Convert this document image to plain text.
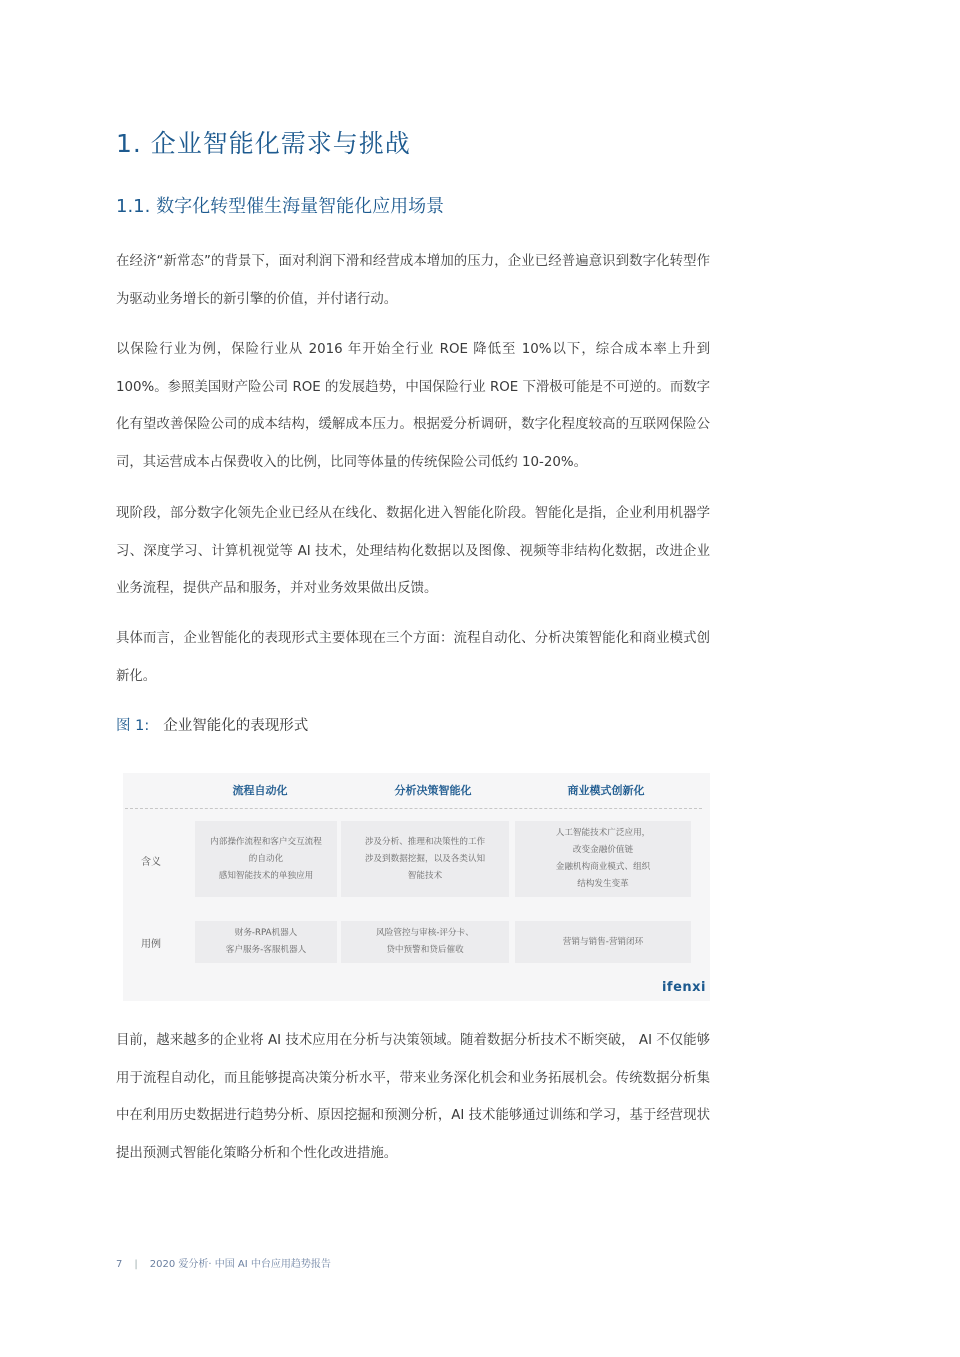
1. 企业智能化需求与挑战
1.1. 数字化转型催生海量智能化应用场景

在经济“新常态”的背景下，面对利润下滑和经营成本增加的压力，企业已经普遍意识到数字化转型作为驱动业务增长的新引擎的价值，并付诸行动。

以保险行业为例，保险行业从 2016 年开始全行业 ROE 降低至 10%以下，综合成本率上升到 100%。参照美国财产险公司 ROE 的发展趋势，中国保险行业 ROE 下滑极可能是不可逆的。而数字化有望改善保险公司的成本结构，缓解成本压力。根据爱分析调研，数字化程度较高的互联网保险公司，其运营成本占保费收入的比例，比同等体量的传统保险公司低约 10-20%。

现阶段，部分数字化领先企业已经从在线化、数据化进入智能化阶段。智能化是指，企业利用机器学习、深度学习、计算机视觉等 AI 技术，处理结构化数据以及图像、视频等非结构化数据，改进企业业务流程，提供产品和服务，并对业务效果做出反馈。

具体而言，企业智能化的表现形式主要体现在三个方面：流程自动化、分析决策智能化和商业模式创新化。

图 1: 企业智能化的表现形式

流程自动化	分析决策智能化	商业模式创新化
含义
用例
内部操作流程和客户交互流程
的自动化
感知智能技术的单独应用
涉及分析、推理和决策性的工作
涉及到数据挖掘，以及各类认知
智能技术
人工智能技术广泛应用，
改变金融价值链
金融机构商业模式、组织
结构发生变革
财务-RPA机器人
客户服务-客服机器人
风险管控与审核-评分卡、
贷中预警和贷后催收
营销与销售-营销闭环
ifenxi

目前，越来越多的企业将 AI 技术应用在分析与决策领域。随着数据分析技术不断突破， AI 不仅能够用于流程自动化，而且能够提高决策分析水平，带来业务深化机会和业务拓展机会。传统数据分析集中在利用历史数据进行趋势分析、原因挖掘和预测分析，AI 技术能够通过训练和学习，基于经营现状提出预测式智能化策略分析和个性化改进措施。

7 | 2020 爱分析· 中国 AI 中台应用趋势报告
